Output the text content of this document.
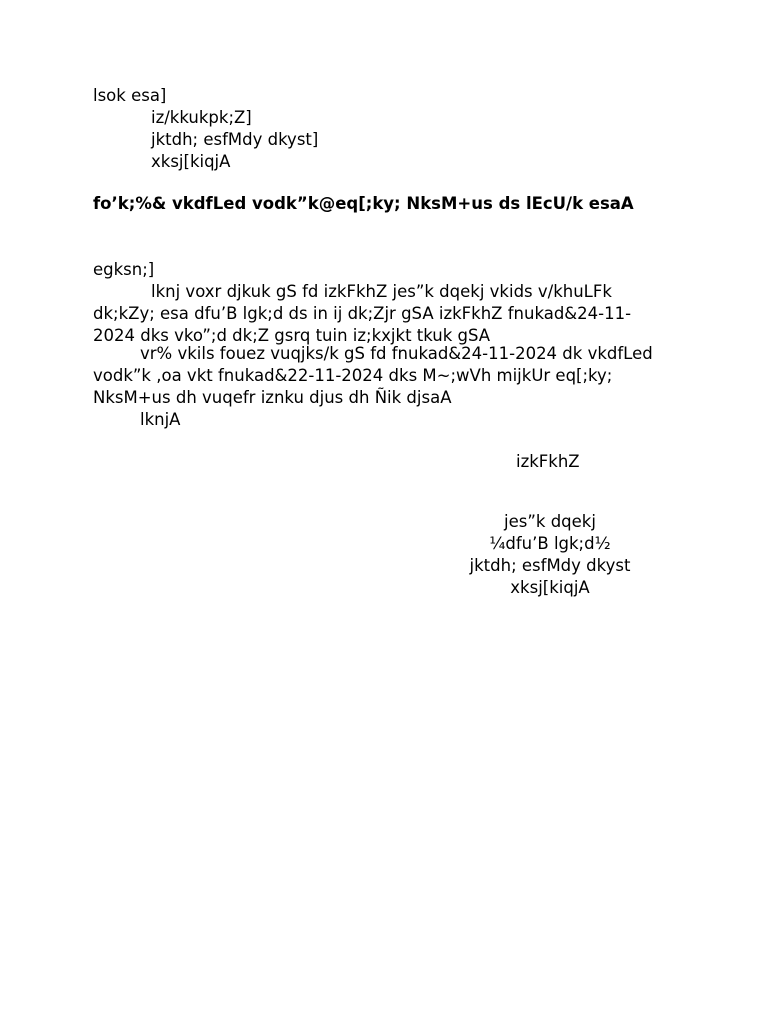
lsok esa]
iz/kkukpk;Z]
jktdh; esfMdy dkyst]
xksj[kiqjA
fo’k;%& vkdfLed vodk”k@eq[;ky; NksM+us ds lEcU/k esaA
egksn;]
lknj voxr djkuk gS fd izkFkhZ jes”k dqekj vkids v/khuLFk dk;kZy; esa dfu’B lgk;d ds in ij dk;Zjr gSA izkFkhZ fnukad&24-11-2024 dks vko”;d dk;Z gsrq tuin iz;kxjkt tkuk gSA
vr% vkils fouez vuqjks/k gS fd fnukad&24-11-2024 dk vkdfLed vodk”k ,oa vkt fnukad&22-11-2024 dks M~;wVh mijkUr eq[;ky; NksM+us dh vuqefr iznku djus dh Ñik djsaA
lknjA
izkFkhZ
jes”k dqekj
¼dfu’B lgk;d½
jktdh; esfMdy dkyst
xksj[kiqjA
